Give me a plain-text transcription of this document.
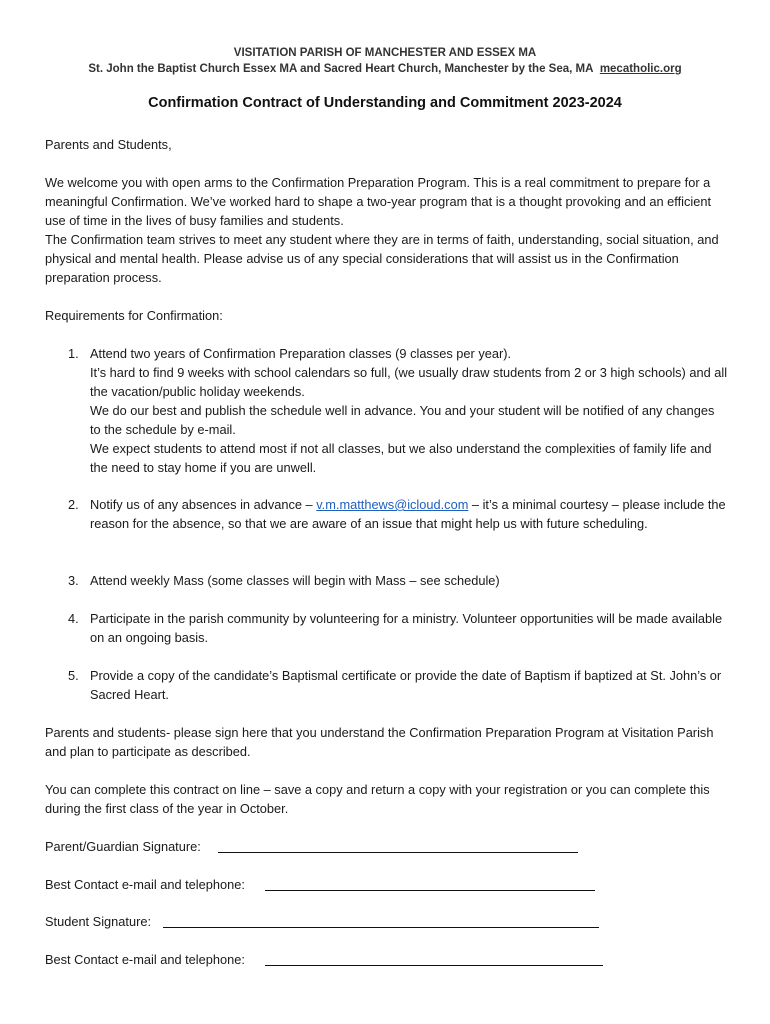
VISITATION PARISH OF MANCHESTER AND ESSEX MA
St. John the Baptist Church Essex MA and Sacred Heart Church, Manchester by the Sea, MA mecatholic.org
Confirmation Contract of Understanding and Commitment 2023-2024
Parents and Students,
We welcome you with open arms to the Confirmation Preparation Program. This is a real commitment to prepare for a meaningful Confirmation. We’ve worked hard to shape a two-year program that is a thought provoking and an efficient use of time in the lives of busy families and students.
The Confirmation team strives to meet any student where they are in terms of faith, understanding, social situation, and physical and mental health. Please advise us of any special considerations that will assist us in the Confirmation preparation process.
Requirements for Confirmation:
1. Attend two years of Confirmation Preparation classes (9 classes per year).
It’s hard to find 9 weeks with school calendars so full, (we usually draw students from 2 or 3 high schools) and all the vacation/public holiday weekends.
We do our best and publish the schedule well in advance. You and your student will be notified of any changes to the schedule by e-mail.
We expect students to attend most if not all classes, but we also understand the complexities of family life and the need to stay home if you are unwell.
2. Notify us of any absences in advance – v.m.matthews@icloud.com – it’s a minimal courtesy – please include the reason for the absence, so that we are aware of an issue that might help us with future scheduling.
3. Attend weekly Mass (some classes will begin with Mass – see schedule)
4. Participate in the parish community by volunteering for a ministry. Volunteer opportunities will be made available on an ongoing basis.
5. Provide a copy of the candidate’s Baptismal certificate or provide the date of Baptism if baptized at St. John’s or Sacred Heart.
Parents and students- please sign here that you understand the Confirmation Preparation Program at Visitation Parish and plan to participate as described.
You can complete this contract on line – save a copy and return a copy with your registration or you can complete this during the first class of the year in October.
Parent/Guardian Signature:
Best Contact e-mail and telephone:
Student Signature:
Best Contact e-mail and telephone:
